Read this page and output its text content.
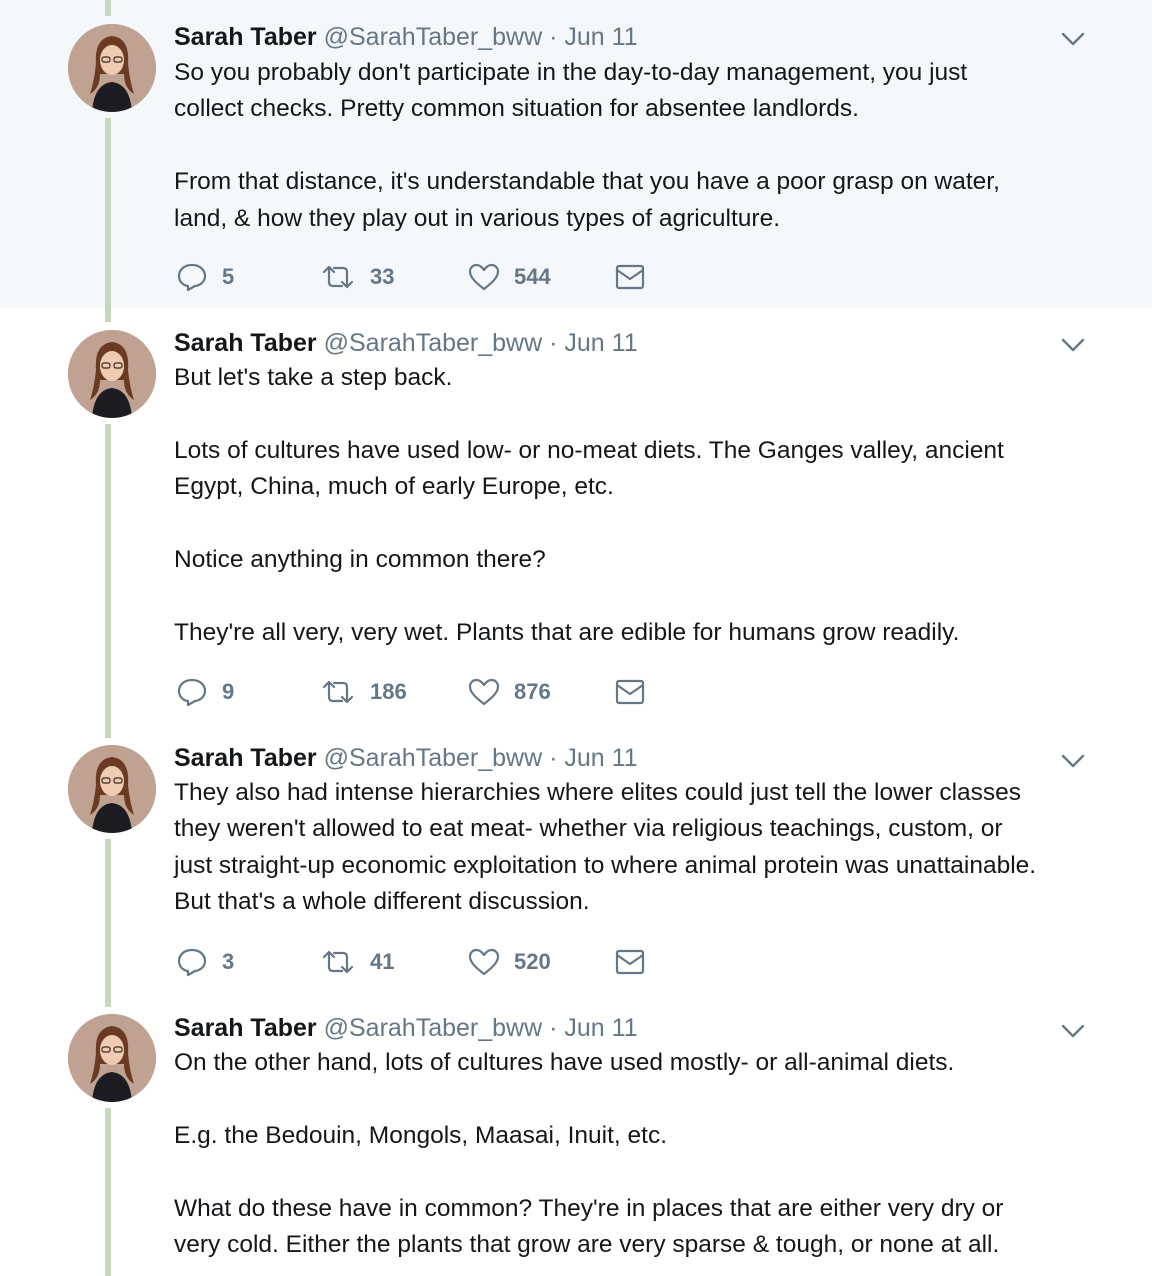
Sarah Taber @SarahTaber_bww · Jun 11
So you probably don't participate in the day-to-day management, you just
collect checks. Pretty common situation for absentee landlords.
From that distance, it's understandable that you have a poor grasp on water,
land, & how they play out in various types of agriculture.
5	33	544
Sarah Taber @SarahTaber_bww · Jun 11
But let's take a step back.
Lots of cultures have used low- or no-meat diets. The Ganges valley, ancient
Egypt, China, much of early Europe, etc.
Notice anything in common there?
They're all very, very wet. Plants that are edible for humans grow readily.
9	186	876
Sarah Taber @SarahTaber_bww · Jun 11
They also had intense hierarchies where elites could just tell the lower classes
they weren't allowed to eat meat- whether via religious teachings, custom, or
just straight-up economic exploitation to where animal protein was unattainable.
But that's a whole different discussion.
3	41	520
Sarah Taber @SarahTaber_bww · Jun 11
On the other hand, lots of cultures have used mostly- or all-animal diets.
E.g. the Bedouin, Mongols, Maasai, Inuit, etc.
What do these have in common? They're in places that are either very dry or
very cold. Either the plants that grow are very sparse & tough, or none at all.
